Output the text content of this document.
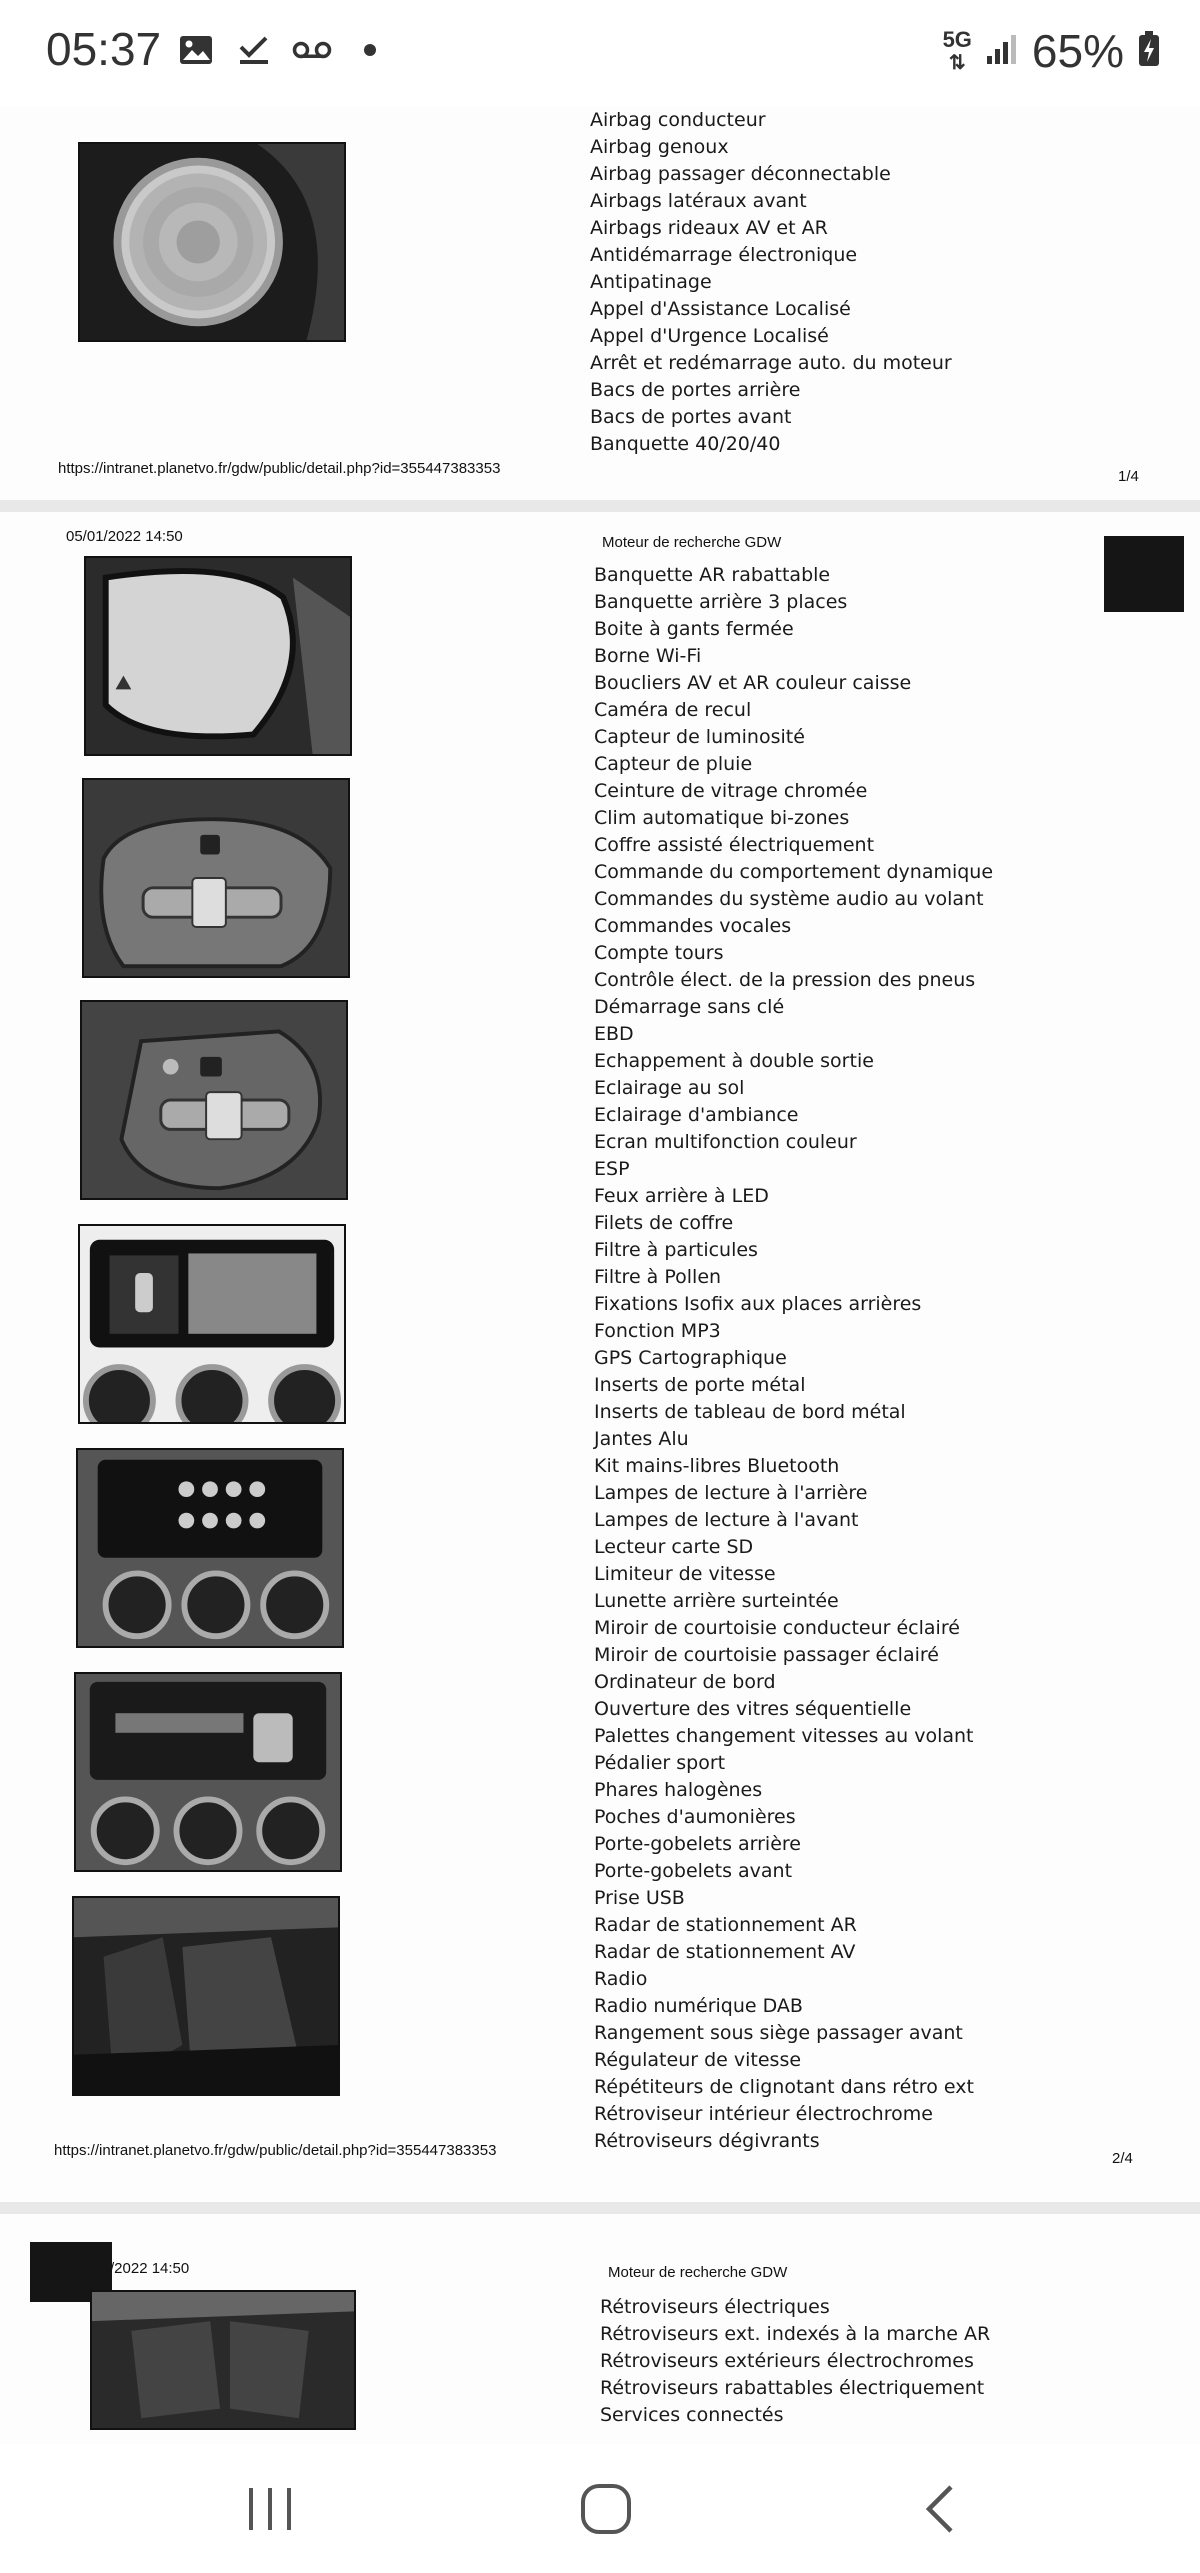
05:37	5G
⇅ 65%
Airbag conducteur
Airbag genoux
Airbag passager déconnectable
Airbags latéraux avant
Airbags rideaux AV et AR
Antidémarrage électronique
Antipatinage
Appel d'Assistance Localisé
Appel d'Urgence Localisé
Arrêt et redémarrage auto. du moteur
Bacs de portes arrière
Bacs de portes avant
Banquette 40/20/40
https://intranet.planetvo.fr/gdw/public/detail.php?id=355447383353	1/4
05/01/2022 14:50	Moteur de recherche GDW
Banquette AR rabattable
Banquette arrière 3 places
Boite à gants fermée
Borne Wi-Fi
Boucliers AV et AR couleur caisse
Caméra de recul
Capteur de luminosité
Capteur de pluie
Ceinture de vitrage chromée
Clim automatique bi-zones
Coffre assisté électriquement
Commande du comportement dynamique
Commandes du système audio au volant
Commandes vocales
Compte tours
Contrôle élect. de la pression des pneus
Démarrage sans clé
EBD
Echappement à double sortie
Eclairage au sol
Eclairage d'ambiance
Ecran multifonction couleur
ESP
Feux arrière à LED
Filets de coffre
Filtre à particules
Filtre à Pollen
Fixations Isofix aux places arrières
Fonction MP3
GPS Cartographique
Inserts de porte métal
Inserts de tableau de bord métal
Jantes Alu
Kit mains-libres Bluetooth
Lampes de lecture à l'arrière
Lampes de lecture à l'avant
Lecteur carte SD
Limiteur de vitesse
Lunette arrière surteintée
Miroir de courtoisie conducteur éclairé
Miroir de courtoisie passager éclairé
Ordinateur de bord
Ouverture des vitres séquentielle
Palettes changement vitesses au volant
Pédalier sport
Phares halogènes
Poches d'aumonières
Porte-gobelets arrière
Porte-gobelets avant
Prise USB
Radar de stationnement AR
Radar de stationnement AV
Radio
Radio numérique DAB
Rangement sous siège passager avant
Régulateur de vitesse
Répétiteurs de clignotant dans rétro ext
Rétroviseur intérieur électrochrome
Rétroviseurs dégivrants
https://intranet.planetvo.fr/gdw/public/detail.php?id=355447383353	2/4
/2022 14:50	Moteur de recherche GDW
Rétroviseurs électriques
Rétroviseurs ext. indexés à la marche AR
Rétroviseurs extérieurs électrochromes
Rétroviseurs rabattables électriquement
Services connectés
